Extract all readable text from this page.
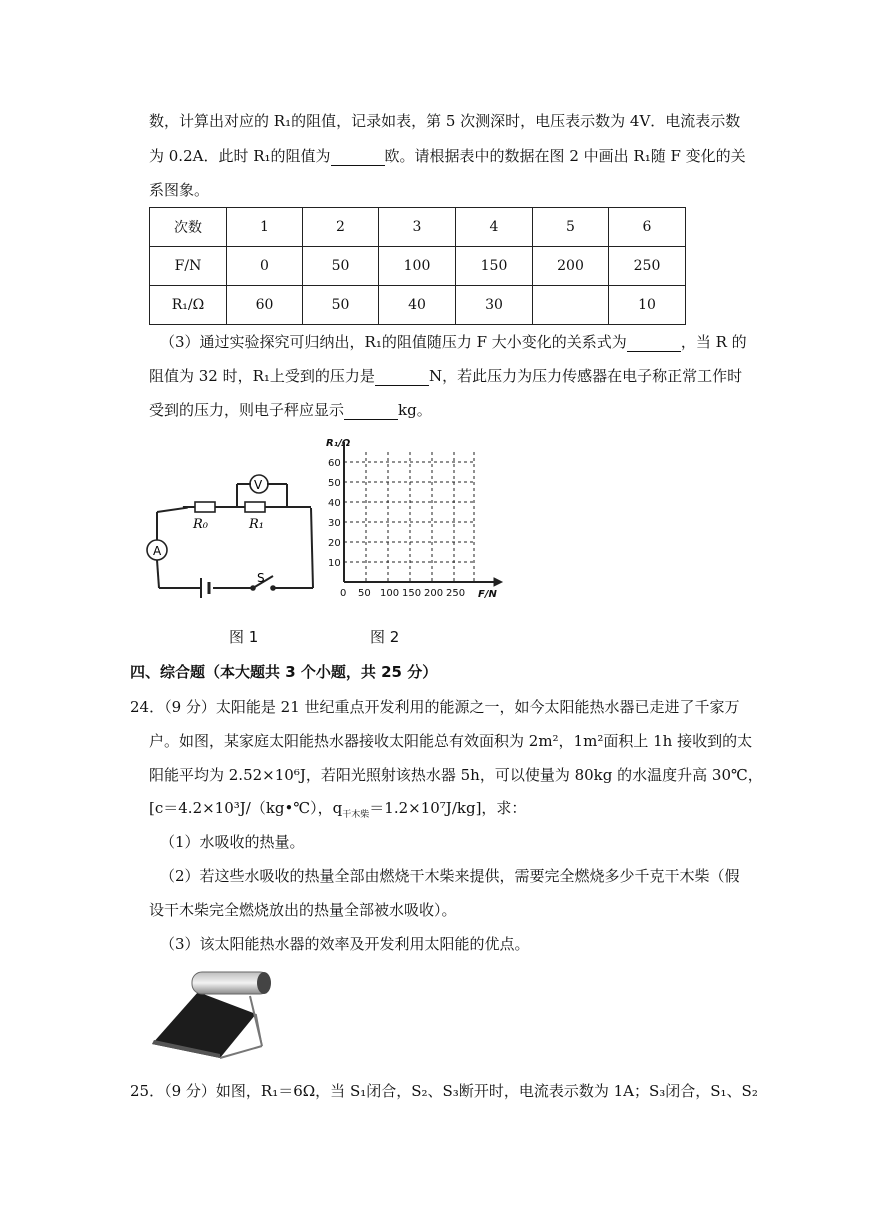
数，计算出对应的 R₁的阻值，记录如表，第 5 次测深时，电压表示数为 4V．电流表示数
为 0.2A．此时 R₁的阻值为	欧。请根据表中的数据在图 2 中画出 R₁随 F 变化的关
系图象。
次数	1	2	3	4	5	6
F/N	0	50	100	150	200	250
R₁/Ω	60	50	40	30		10
（3）通过实验探究可归纳出，R₁的阻值随压力 F 大小变化的关系式为	，当 R 的
阻值为 32 时，R₁上受到的压力是	N，若此压力为压力传感器在电子称正常工作时
受到的压力，则电子秤应显示	kg。
A
V
R₀	R₁
S
R₁/Ω
F/N
60
50
40
30
20
10
0 50 100 150 200 250
图 1	图 2
四、综合题（本大题共 3 个小题，共 25 分）
24．（9 分）太阳能是 21 世纪重点开发利用的能源之一，如今太阳能热水器已走进了千家万
户。如图，某家庭太阳能热水器接收太阳能总有效面积为 2m²，1m²面积上 1h 接收到的太
阳能平均为 2.52×10⁶J，若阳光照射该热水器 5h，可以使量为 80kg 的水温度升高 30℃，
[c＝4.2×10³J/（kg•℃），$q_{干木柴}=1.2\times 10^7J/kg$]，求：
（1）水吸收的热量。
（2）若这些水吸收的热量全部由燃烧干木柴来提供，需要完全燃烧多少千克干木柴（假
设干木柴完全燃烧放出的热量全部被水吸收）。
（3）该太阳能热水器的效率及开发利用太阳能的优点。
25．（9 分）如图，R₁＝6Ω，当 S₁闭合，S₂、S₃断开时，电流表示数为 1A；S₃闭合，S₁、S₂
